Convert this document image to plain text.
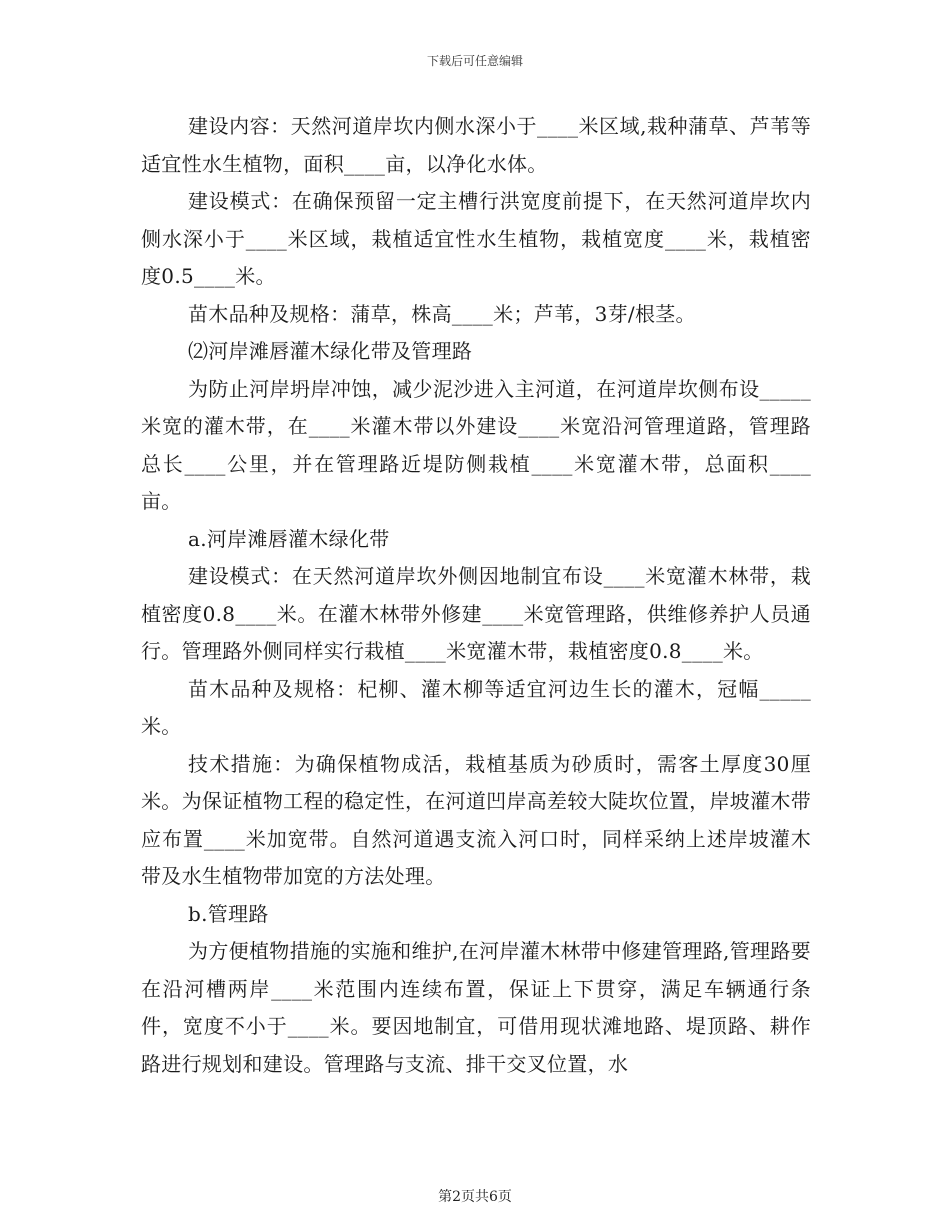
下载后可任意编辑

建设内容：天然河道岸坎内侧水深小于____米区域,栽种蒲草、芦苇等适宜性水生植物，面积____亩，以净化水体。

建设模式：在确保预留一定主槽行洪宽度前提下，在天然河道岸坎内侧水深小于____米区域，栽植适宜性水生植物，栽植宽度____米，栽植密度0.5____米。

苗木品种及规格：蒲草，株高____米；芦苇，3芽/根茎。

⑵河岸滩唇灌木绿化带及管理路

为防止河岸坍岸冲蚀，减少泥沙进入主河道，在河道岸坎侧布设_____米宽的灌木带，在____米灌木带以外建设____米宽沿河管理道路，管理路总长____公里，并在管理路近堤防侧栽植____米宽灌木带，总面积____亩。

a.河岸滩唇灌木绿化带

建设模式：在天然河道岸坎外侧因地制宜布设____米宽灌木林带，栽植密度0.8____米。在灌木林带外修建____米宽管理路，供维修养护人员通行。管理路外侧同样实行栽植____米宽灌木带，栽植密度0.8____米。

苗木品种及规格：杞柳、灌木柳等适宜河边生长的灌木，冠幅_____米。

技术措施：为确保植物成活，栽植基质为砂质时，需客土厚度30厘米。为保证植物工程的稳定性，在河道凹岸高差较大陡坎位置，岸坡灌木带应布置____米加宽带。自然河道遇支流入河口时，同样采纳上述岸坡灌木带及水生植物带加宽的方法处理。

b.管理路

为方便植物措施的实施和维护,在河岸灌木林带中修建管理路,管理路要在沿河槽两岸____米范围内连续布置，保证上下贯穿，满足车辆通行条件，宽度不小于____米。要因地制宜，可借用现状滩地路、堤顶路、耕作路进行规划和建设。管理路与支流、排干交叉位置，水

第2页共6页
